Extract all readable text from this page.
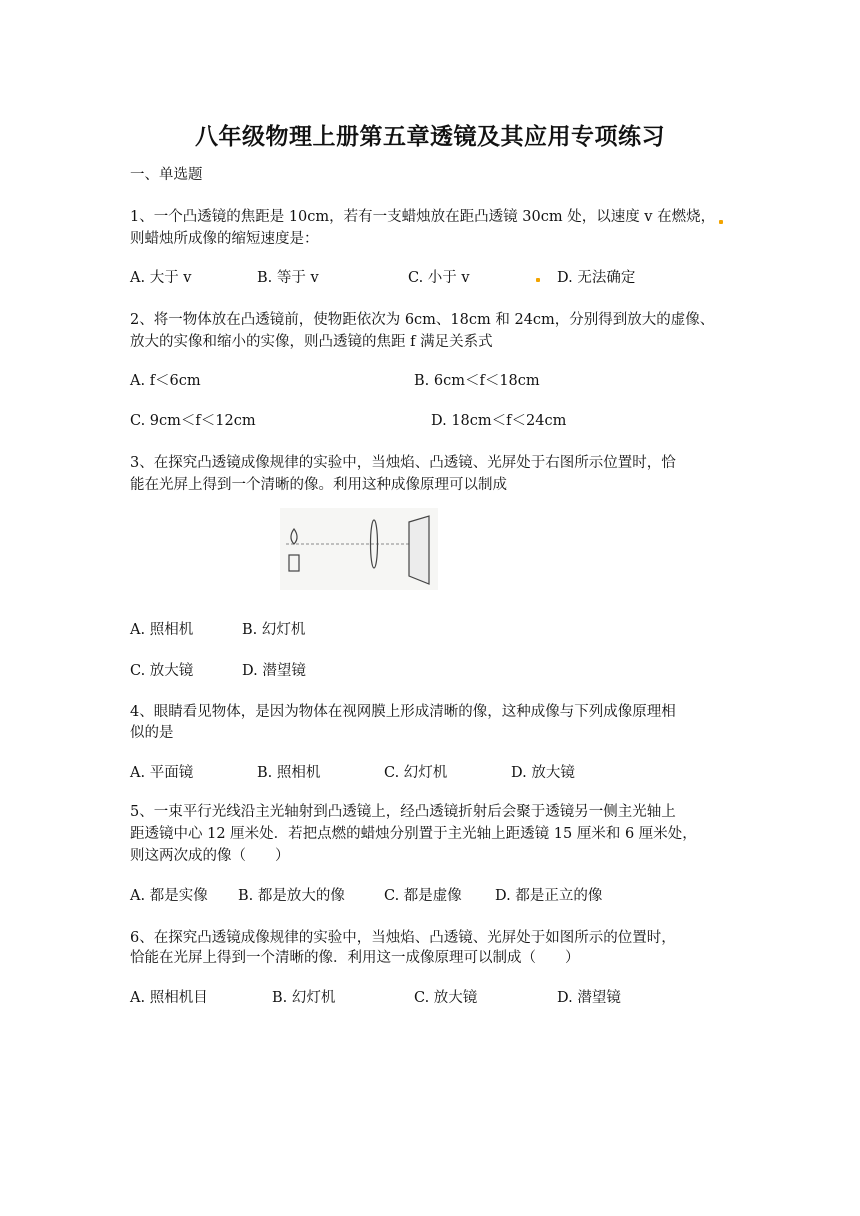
八年级物理上册第五章透镜及其应用专项练习
一、单选题
1、一个凸透镜的焦距是 10cm，若有一支蜡烛放在距凸透镜 30cm 处，以速度 v 在燃烧，
则蜡烛所成像的缩短速度是：
A. 大于 v	B. 等于 v	C. 小于 v	D. 无法确定
2、将一物体放在凸透镜前，使物距依次为 6cm、18cm 和 24cm，分别得到放大的虚像、
放大的实像和缩小的实像，则凸透镜的焦距 f 满足关系式
A. f＜6cm	B. 6cm＜f＜18cm
C. 9cm＜f＜12cm	D. 18cm＜f＜24cm
3、在探究凸透镜成像规律的实验中，当烛焰、凸透镜、光屏处于右图所示位置时，恰
能在光屏上得到一个清晰的像。利用这种成像原理可以制成
A. 照相机	B. 幻灯机
C. 放大镜	D. 潜望镜
4、眼睛看见物体，是因为物体在视网膜上形成清晰的像，这种成像与下列成像原理相
似的是
A. 平面镜	B. 照相机	C. 幻灯机	D. 放大镜
5、一束平行光线沿主光轴射到凸透镜上，经凸透镜折射后会聚于透镜另一侧主光轴上
距透镜中心 12 厘米处．若把点燃的蜡烛分别置于主光轴上距透镜 15 厘米和 6 厘米处，
则这两次成的像（　　）
A. 都是实像 B. 都是放大的像	C. 都是虚像 D. 都是正立的像
6、在探究凸透镜成像规律的实验中，当烛焰、凸透镜、光屏处于如图所示的位置时，
恰能在光屏上得到一个清晰的像．利用这一成像原理可以制成（　　）
A. 照相机目	B. 幻灯机	C. 放大镜	D. 潜望镜
